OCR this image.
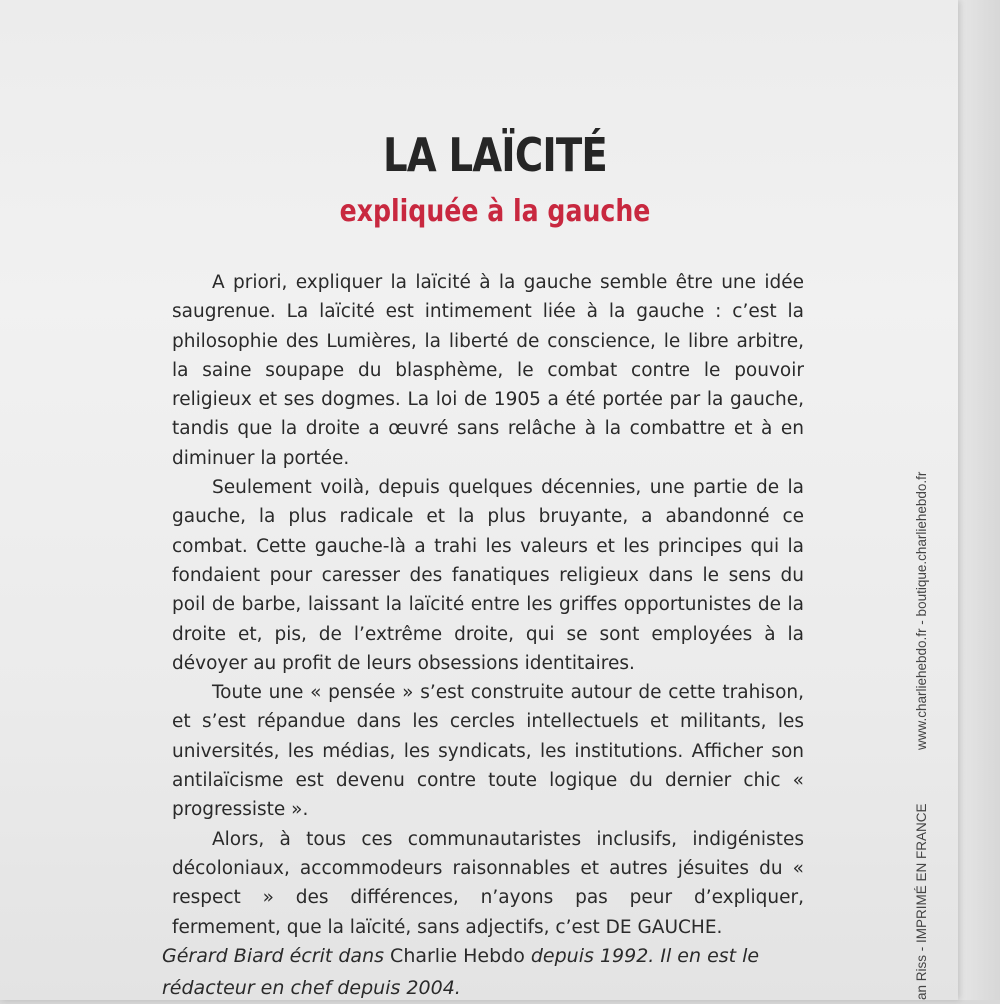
LA LAÏCITÉ
expliquée à la gauche

A priori, expliquer la laïcité à la gauche semble être une idée saugrenue. La laïcité est intimement liée à la gauche : c’est la philosophie des Lumières, la liberté de conscience, le libre arbitre, la saine soupape du blasphème, le combat contre le pouvoir religieux et ses dogmes. La loi de 1905 a été portée par la gauche, tandis que la droite a œuvré sans relâche à la combattre et à en diminuer la portée.

Seulement voilà, depuis quelques décennies, une partie de la gauche, la plus radicale et la plus bruyante, a abandonné ce combat. Cette gauche-là a trahi les valeurs et les principes qui la fondaient pour caresser des fanatiques religieux dans le sens du poil de barbe, laissant la laïcité entre les griffes opportunistes de la droite et, pis, de l’extrême droite, qui se sont employées à la dévoyer au profit de leurs obsessions identitaires.

Toute une « pensée » s’est construite autour de cette trahison, et s’est répandue dans les cercles intellectuels et militants, les universités, les médias, les syndicats, les institutions. Afficher son antilaïcisme est devenu contre toute logique du dernier chic « progressiste ».

Alors, à tous ces communautaristes inclusifs, indigénistes décoloniaux, accommodeurs raisonnables et autres jésuites du « respect » des différences, n’ayons pas peur d’expliquer, fermement, que la laïcité, sans adjectifs, c’est DE GAUCHE.

Gérard Biard écrit dans Charlie Hebdo depuis 1992. Il en est le rédacteur en chef depuis 2004.
www.charliehebdo.fr - boutique.charliehebdo.fr
an Riss - IMPRIMÉ EN FRANCE
